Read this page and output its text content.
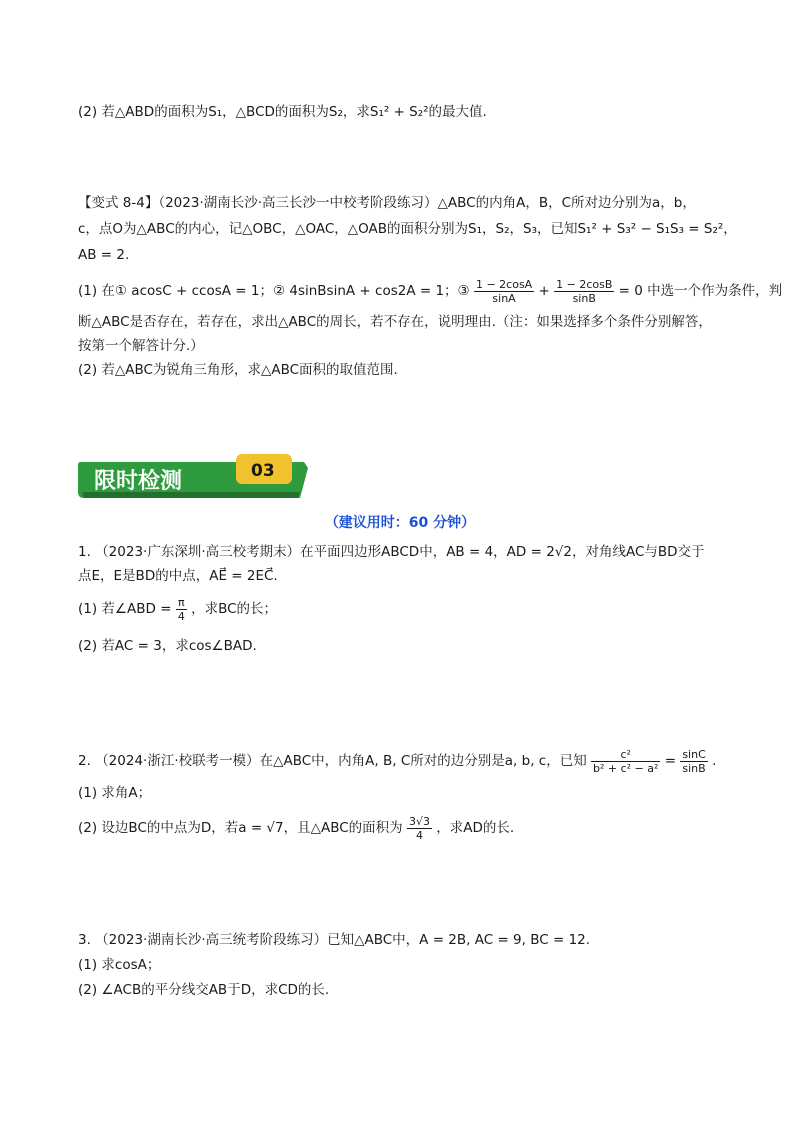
(2) 若△ABD的面积为S₁，△BCD的面积为S₂，求S₁² + S₂²的最大值.
【变式 8-4】（2023·湖南长沙·高三长沙一中校考阶段练习）△ABC的内角A，B，C所对边分别为a，b，
c，点O为△ABC的内心，记△OBC，△OAC，△OAB的面积分别为S₁，S₂，S₃，已知S₁² + S₃² − S₁S₃ = S₂²，
AB = 2.
(1) 在① acosC + ccosA = 1；② 4sinBsinA + cos2A = 1；③ $\frac{1 - 2\cos A}{\sin A} + \frac{1 - 2\cos B}{\sin B} = 0$ 中选一个作为条件，判
断△ABC是否存在，若存在，求出△ABC的周长，若不存在，说明理由.（注：如果选择多个条件分别解答，
按第一个解答计分.）
(2) 若△ABC为锐角三角形，求△ABC面积的取值范围.
限时检测	03
（建议用时：60 分钟）
1. （2023·广东深圳·高三校考期末）在平面四边形ABCD中，AB = 4，AD = 2√2，对角线AC与BD交于
点E，E是BD的中点，AE⃗ = 2EC⃗.
(1) 若∠ABD = $\frac{\pi}{4}$ ，求BC的长；
(2) 若AC = 3，求cos∠BAD.
2. （2024·浙江·校联考一模）在△ABC中，内角A, B, C所对的边分别是a, b, c，已知 $\frac{\text{c²}}{\text{b² + c² − a²}} = \frac{\sin C}{\sin B}$ .
(1) 求角A；
(2) 设边BC的中点为D，若a = √7，且△ABC的面积为 $\frac{3√3}{4}$ ，求AD的长.
3. （2023·湖南长沙·高三统考阶段练习）已知△ABC中，A = 2B, AC = 9, BC = 12.
(1) 求cosA；
(2) ∠ACB的平分线交AB于D，求CD的长.
